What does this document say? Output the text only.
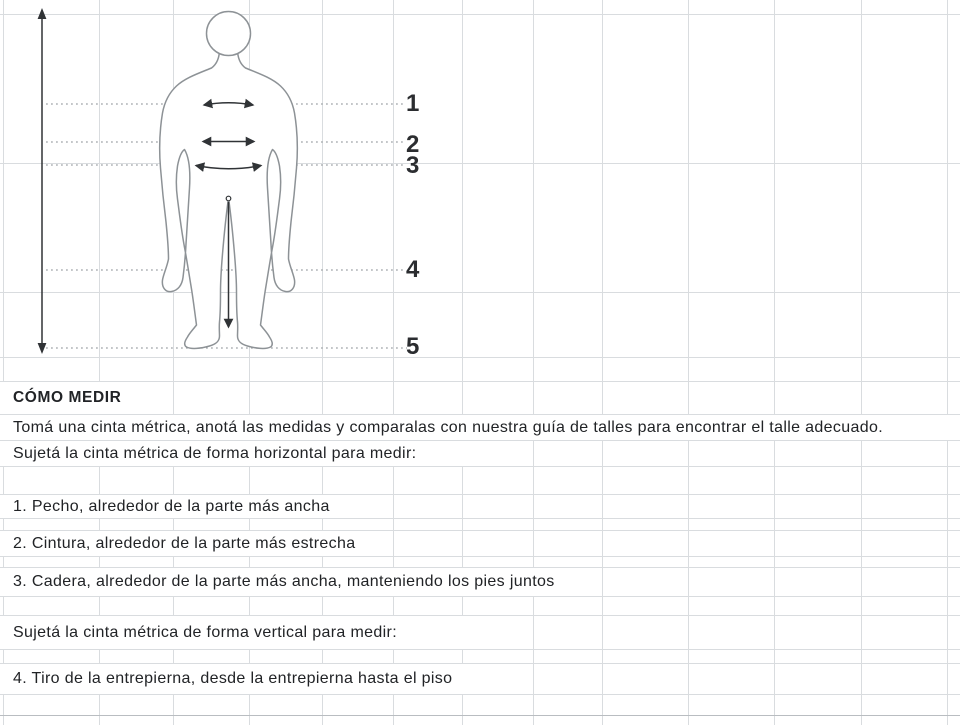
1
2
3
4
5
CÓMO MEDIR
Tomá una cinta métrica, anotá las medidas y comparalas con nuestra guía de talles para encontrar el talle adecuado.
Sujetá la cinta métrica de forma horizontal para medir:
1. Pecho, alrededor de la parte más ancha
2. Cintura, alrededor de la parte más estrecha
3. Cadera, alrededor de la parte más ancha, manteniendo los pies juntos
Sujetá la cinta métrica de forma vertical para medir:
4. Tiro de la entrepierna, desde la entrepierna hasta el piso
